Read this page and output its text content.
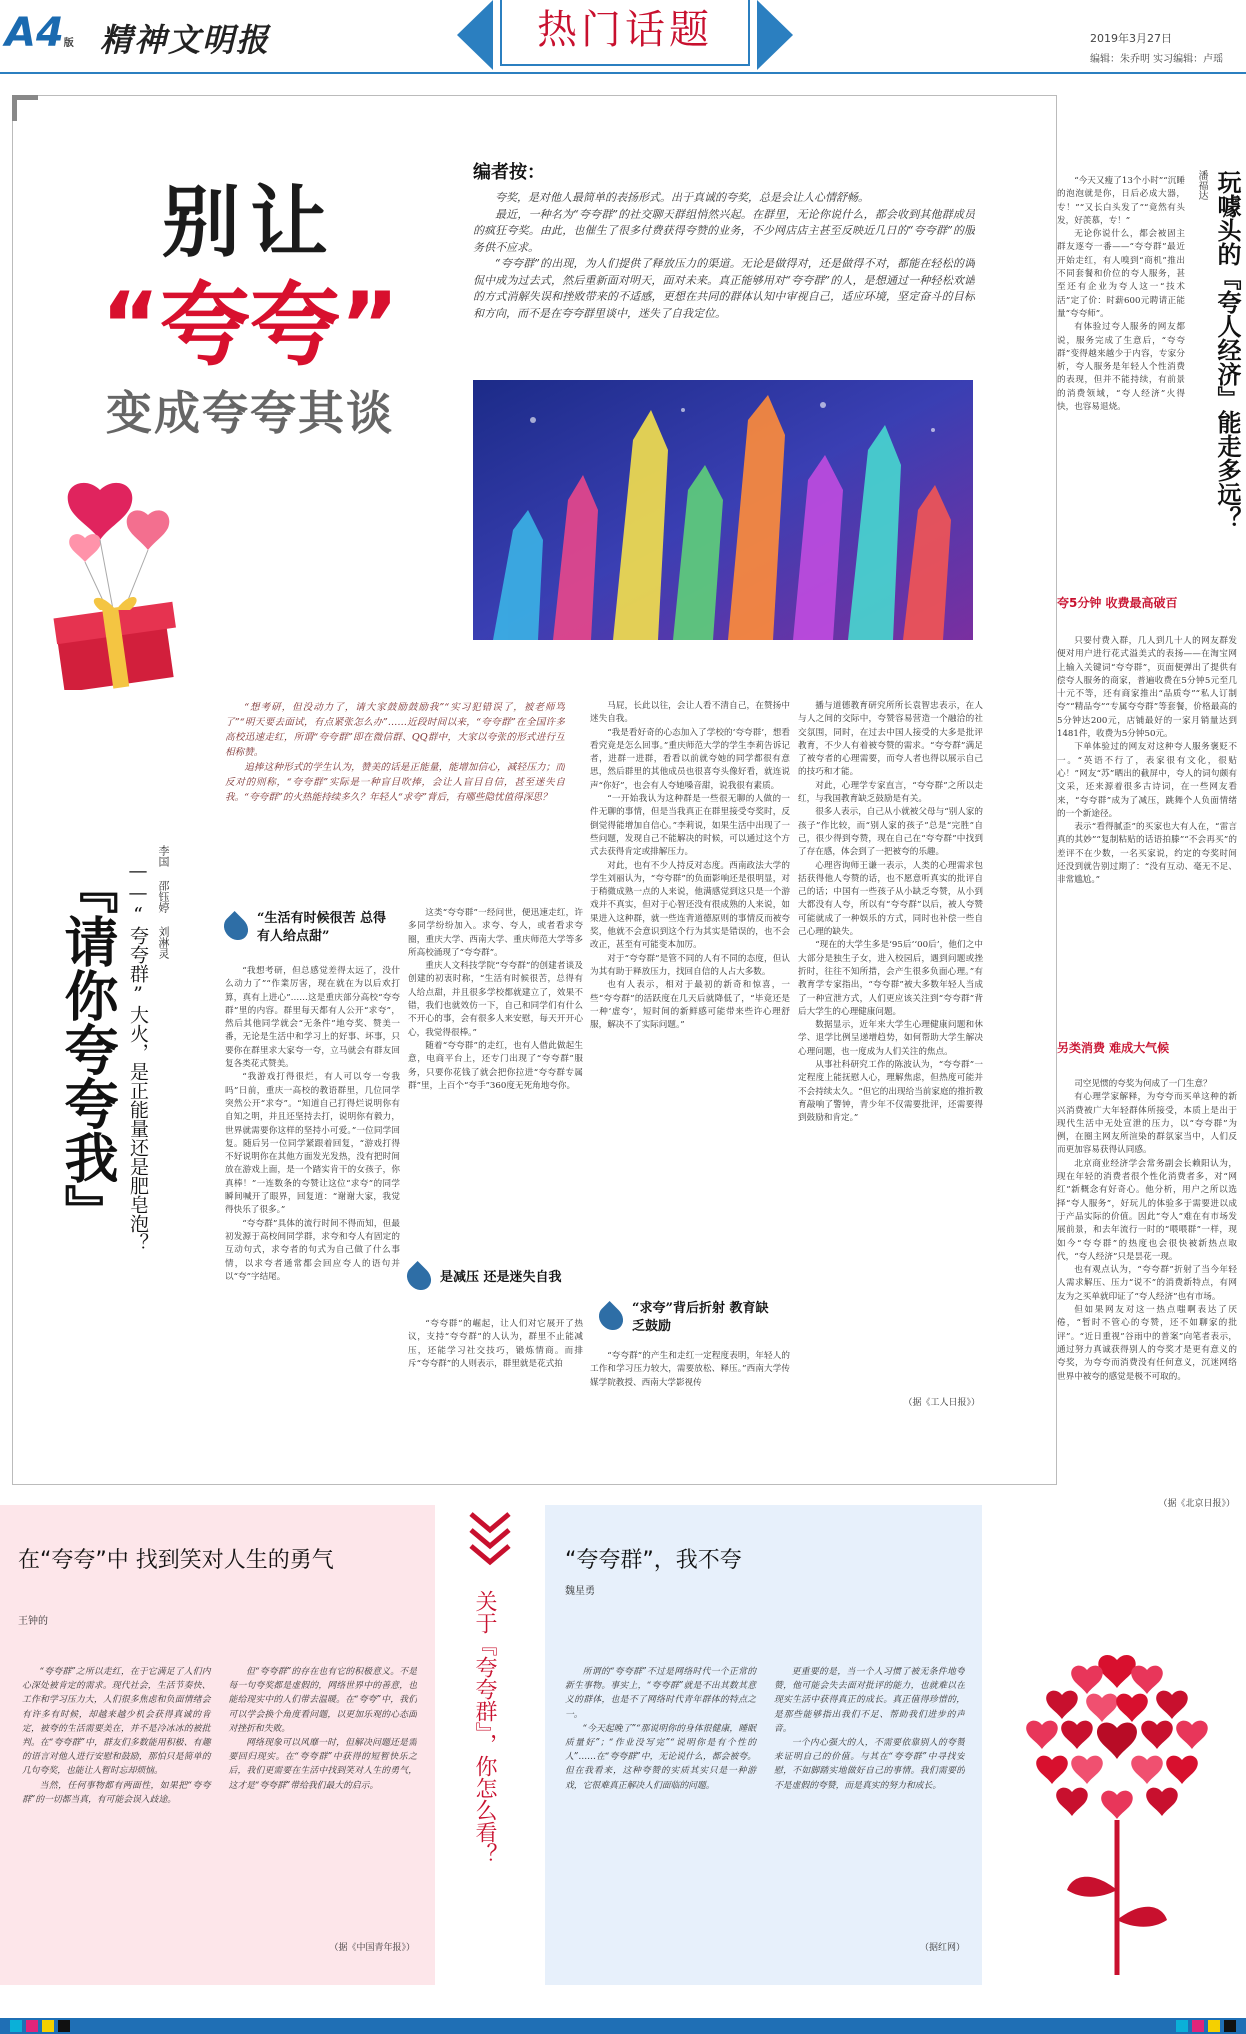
A4版 精神文明报	热门话题	2019年3月27日
编辑：朱乔明 实习编辑：卢瑶
别让
“夸夸”
变成夸夸其谈
编者按：

夸奖，是对他人最简单的表扬形式。出于真诚的夸奖，总是会让人心情舒畅。

最近，一种名为“夸夸群”的社交聊天群组悄然兴起。在群里，无论你说什么，都会收到其他群成员的疯狂夸奖。由此，也催生了很多付费获得夸赞的业务，不少网店店主甚至反映近几日的“夸夸群”的服务供不应求。

“夸夸群”的出现，为人们提供了释放压力的渠道。无论是做得对，还是做得不对，都能在轻松的调侃中成为过去式，然后重新面对明天，面对未来。真正能够用对“夸夸群”的人，是想通过一种轻松欢谑的方式消解失误和挫败带来的不适感，更想在共同的群体认知中审视自己，适应环境，坚定奋斗的目标和方向，而不是在夸夸群里谈中，迷失了自我定位。

『请你夸夸我』 ——“夸夸群”大火，是正能量还是肥皂泡？ 李国 邵钰婷 刘淋灵

“想考研，但没动力了，请大家鼓励鼓励我”“实习犯错误了，被老师骂了”“明天要去面试，有点紧张怎么办”……近段时间以来，“夸夸群”在全国许多高校迅速走红，所谓“夸夸群”即在微信群、QQ群中，大家以夸张的形式进行互相称赞。

追捧这种形式的学生认为，赞美的话是正能量，能增加信心，减轻压力；而反对的则称，“夸夸群”实际是一种盲目吹捧，会让人盲目自信，甚至迷失自我。“夸夸群”的火热能持续多久？年轻人“求夸”背后，有哪些隐忧值得深思？

“生活有时候很苦 总得有人给点甜”

“我想考研，但总感觉差得太远了，没什么动力了”“作業厉害，现在就在为以后欢打算，真有上进心”……这是重庆部分高校“夸夸群”里的内容。群里每天都有人公开“求夸”，然后其他同学就会“无条件”地夸奖、赞美一番，无论是生活中和学习上的好事、坏事，只要你在群里求大家夸一夸，立马就会有群友回复各类花式赞美。

“我游戏打得很烂，有人可以夸一夸我吗”日前，重庆一高校的教语群里，几位同学突然公开“求夸”。“知道自己打得烂说明你有自知之明，并且还坚持去打，说明你有毅力，世界就需要你这样的坚持小可爱。”一位同学回复。随后另一位同学紧跟着回复，“游戏打得不好说明你在其他方面发光发热，没有把时间放在游戏上面，是一个踏实肯干的女孩子，你真棒！”一连数条的夸赞让这位“求夸”的同学瞬间喊开了眼界，回复道：“谢谢大家，我觉得快乐了很多。”

“夸夸群”具体的流行时间不得而知，但最初发源于高校间同学群，求夸和夸人有固定的互动句式，求夸者的句式为自己做了什么事情，以求夸者通常都会回应夸人的语句并以“夸”字结尾。

这类“夸夸群”一经问世，便迅速走红，许多同学纷纷加入。求夸、夸人，或者看求夸圈，重庆大学、西南大学、重庆师范大学等多所高校涌现了“夸夸群”。

重庆人文科技学院“夸夸群”的创建者谈及创建的初衷时称，“生活有时候很苦，总得有人给点甜，并且很多学校都就建立了，效果不错，我们也就效仿一下，自己和同学们有什么不开心的事，会有很多人来安慰，每天开开心心，我觉得很棒。”

随着“夸夸群”的走红，也有人借此做起生意，电商平台上，还专门出现了“夸夸群”服务，只要你花钱了就会把你拉进“夸夸群专属群”里，上百个“夸手”360度无死角地夸你。

是减压 还是迷失自我

“夸夸群”的崛起，让人们对它展开了热议，支持“夸夸群”的人认为，群里不止能减压，还能学习社交技巧，锻炼情商。而排斥“夸夸群”的人则表示，群里就是花式拍

马屁，长此以往，会让人看不清自己，在赞扬中迷失自我。

“我是看好奇的心态加入了学校的‘夸夸群’，想看看究竟是怎么回事。”重庆师范大学的学生李莉告诉记者，进群一进群，看看以前就夸她的同学都很有意思，然后群里的其他成员也很喜夸头像好看，就连说声“你好”，也会有人夸她嗓音甜，说我很有素质。

“一开始我认为这种群是一些很无聊的人做的一件无聊的事情，但是当我真正在群里接受夸奖时，反倒觉得能增加自信心。”李莉说，如果生活中出现了一些问题，发现自己不能解决的时候，可以通过这个方式去获得肯定或排解压力。

对此，也有不少人持反对态度。西南政法大学的学生刘丽认为，“夸夸群”的负面影响还是很明显，对于稍微成熟一点的人来说，他满感觉到这只是一个游戏并不真实，但对于心智还没有很成熟的人来说，如果进入这种群，就一些连背道德原则的事情反而被夸奖，他就不会意识到这个行为其实是错误的，也不会改正，甚至有可能变本加厉。

对于“夸夸群”是管不同的人有不同的态度，但认为其有助于释放压力，找回自信的人占大多数。

也有人表示，相对于最初的新奇和惊喜，一些“夸夸群”的活跃度在几天后就降低了，“毕竟还是一种‘虚夸’，短时间的新鲜感可能带来些许心理舒服，解决不了实际问题。”

“求夸”背后折射 教育缺乏鼓励

“夸夸群”的产生和走红一定程度表明，年轻人的工作和学习压力较大，需要放松、释压。”西南大学传媒学院教授、西南大学影视传

播与道德教育研究所所长袁智忠表示，在人与人之间的交际中，夸赞容易营造一个融洽的社交氛围，同时，在过去中国人接受的大多是批评教育，不少人有着被夸赞的需求。“夸夸群”满足了被夸者的心理需要，而夸人者也得以展示自己的技巧和才能。

对此，心理学专家直言，“夸夸群”之所以走红，与我国教育缺乏鼓励是有关。

很多人表示，自己从小就被父母与“别人家的孩子”作比较，而“别人家的孩子”总是“完胜”自己，很少得到夸赞，现在自己在“夸夸群”中找到了存在感，体会到了一把被夸的乐趣。

心理咨询师王谦一表示，人类的心理需求包括获得他人夸赞的话，也不愿意听真实的批评自己的话；中国有一些孩子从小缺乏夸赞，从小到大都没有人夸，所以有“夸夸群”以后，被人夸赞可能就成了一种娱乐的方式，同时也补偿一些自己心理的缺失。

“现在的大学生多是‘95后’‘00后’，他们之中大部分是独生子女，进入校园后，遇到问题或挫折时，往往不知所措，会产生很多负面心理。”有教育学专家指出，“夸夸群”被大多数年轻人当成了一种宣泄方式，人们更应该关注到“夸夸群”背后大学生的心理健康问题。

数据显示，近年来大学生心理健康问题和休学、退学比例呈递增趋势，如何帮助大学生解决心理问题，也一度成为人们关注的焦点。

从事社科研究工作的陈波认为，“夸夸群”一定程度上能抚慰人心，理解焦虑，但热度可能并不会持续太久。“但它的出现给当前家庭的推折教育敲响了警钟，青少年不仅需要批评，还需要得到鼓励和肯定。”

（据《工人日报》）
玩噱头的『夸人经济』能走多远？
潘福达

“今天又瘦了13个小时”“沉睡的泡泡就是你，日后必成大器，专！”“又长白头发了”“竟然有头发，好羡慕，专！”

无论你说什么，都会被固主群友逐夸一番——“夸夸群”最近开始走红，有人嗅到“商机”推出不同套餐和价位的夸人服务，甚至还有企业为夸人这一“技术活”定了价：时薪600元聘请正能量“夸夸师”。

有体验过夸人服务的网友都说，服务完成了生意后，“夸夸群”变得越来越少于内容，专家分析，夸人服务是年轻人个性消费的表现，但并不能持续，有前景的消费领域，“夸人经济”火得快，也容易退烧。

夸5分钟 收费最高破百

只要付费入群，几人到几十人的网友群发便对用户进行花式溢美式的表扬——在淘宝网上输入关键词“夸夸群”，页面便弹出了提供有偿夸人服务的商家，普遍收费在5分钟5元至几十元不等，还有商家推出“品质夸”“私人订制夸”“精品夸”“专属夸夸群”等套餐，价格最高的5分钟达200元，店铺最好的一家月销量达到1481件，收费为5分钟50元。

下单体验过的网友对这种夸人服务褒贬不一。“英语不行了，表家很有文化，很贴心！”网友“苏”晒出的截屏中，夸人的词句颇有文采，还来源着很多古诗词，在一些网友看来，“夸夸群”成为了减压，跳舞个人负面情绪的一个新途径。

表示“看得腻歪”的买家也大有人在，“雷言真的其妙”“复制粘贴的话语拍滕”“不会再买”的差评不在少数，一名买家说，约定的夸奖时间还没到就告别过期了：“没有互动、毫无不足、非常尴尬。”

另类消费 难成大气候

司空见惯的夸奖为何成了一门生意？

有心理学家解释，为夸夸而买单这种的新兴消费被广大年轻群体所接受，本质上是出于现代生活中无处宣泄的压力，以“夸夸群”为例，在圈主网友所渲染的群氛家当中，人们反而更加容易获得认同感。

北京商业经济学会常务副会长赖阳认为，现在年轻的消费者很个性化消费者多，对“网红”新概念有好奇心。他分析，用户之所以选择“夸人服务”，好玩儿的体验多于需要进以成于产品实际的价值。因此“夸人”难在有市场发展前景，和去年流行一时的“喂喂群”一样，现如今“夸夸群”的热度也会很快被新热点取代，“夸人经济”只是昙花一现。

也有观点认为，“夸夸群”折射了当今年轻人需求解压、压力“说不”的消费新特点，有网友为之买单就印证了“夸人经济”也有市场。

但如果网友对这一热点嗤啊表达了厌倦，“暂时不管心的夸赞，还不如聊家的批评”。“近日重视”谷雨中的普案”向笔者表示，通过努力真诚获得别人的夸奖才是更有意义的夸奖，为夸夸而消费没有任何意义，沉迷网络世界中被夸的感觉是极不可取的。

（据《北京日报》）
在“夸夸”中 找到笑对人生的勇气
王钟的

“夸夸群”之所以走红，在于它满足了人们内心深处被肯定的需求。现代社会，生活节奏快、工作和学习压力大，人们很多焦虑和负面情绪会有许多有时候，却越来越少机会获得真诚的肯定，被夸的生活需要美在，并不是冷冰冰的被批判。在“夸夸群”中，群友们多数能用积极、有趣的语言对他人进行安慰和鼓励，那怕只是简单的几句夸奖，也能让人暂时忘却烦恼。

当然，任何事物都有两面性，如果把“夸夸群”的一切都当真，有可能会误入歧途。

但“夸夸群”的存在也有它的积极意义。不是每一句夸奖都是虚假的，网络世界中的善意，也能给现实中的人们带去温暖。在“夸夸”中，我们可以学会换个角度看问题，以更加乐观的心态面对挫折和失败。

网络现象可以风靡一时，但解决问题还是需要回归现实。在“夸夸群”中获得的短暂快乐之后，我们更需要在生活中找到笑对人生的勇气，这才是“夸夸群”带给我们最大的启示。

（据《中国青年报》）
关于『夸夸群』，你怎么看？
“夸夸群”，我不夸
魏星勇

所谓的“夸夸群”不过是网络时代一个正常的新生事物。事实上，“夸夸群”就是不出其数其意义的群体，也是不了网络时代青年群体的特点之一。

“今天起晚了”“那说明你的身体很健康，睡眠质量好”；“作业没写完”“说明你是有个性的人”……在“夸夸群”中，无论说什么，都会被夸。但在我看来，这种夸赞的实质其实只是一种游戏，它很难真正解决人们面临的问题。

更重要的是，当一个人习惯了被无条件地夸赞，他可能会失去面对批评的能力，也就难以在现实生活中获得真正的成长。真正值得珍惜的，是那些能够指出我们不足、帮助我们进步的声音。

一个内心强大的人，不需要依靠别人的夸赞来证明自己的价值。与其在“夸夸群”中寻找安慰，不如脚踏实地做好自己的事情。我们需要的不是虚假的夸赞，而是真实的努力和成长。

（据红网）
